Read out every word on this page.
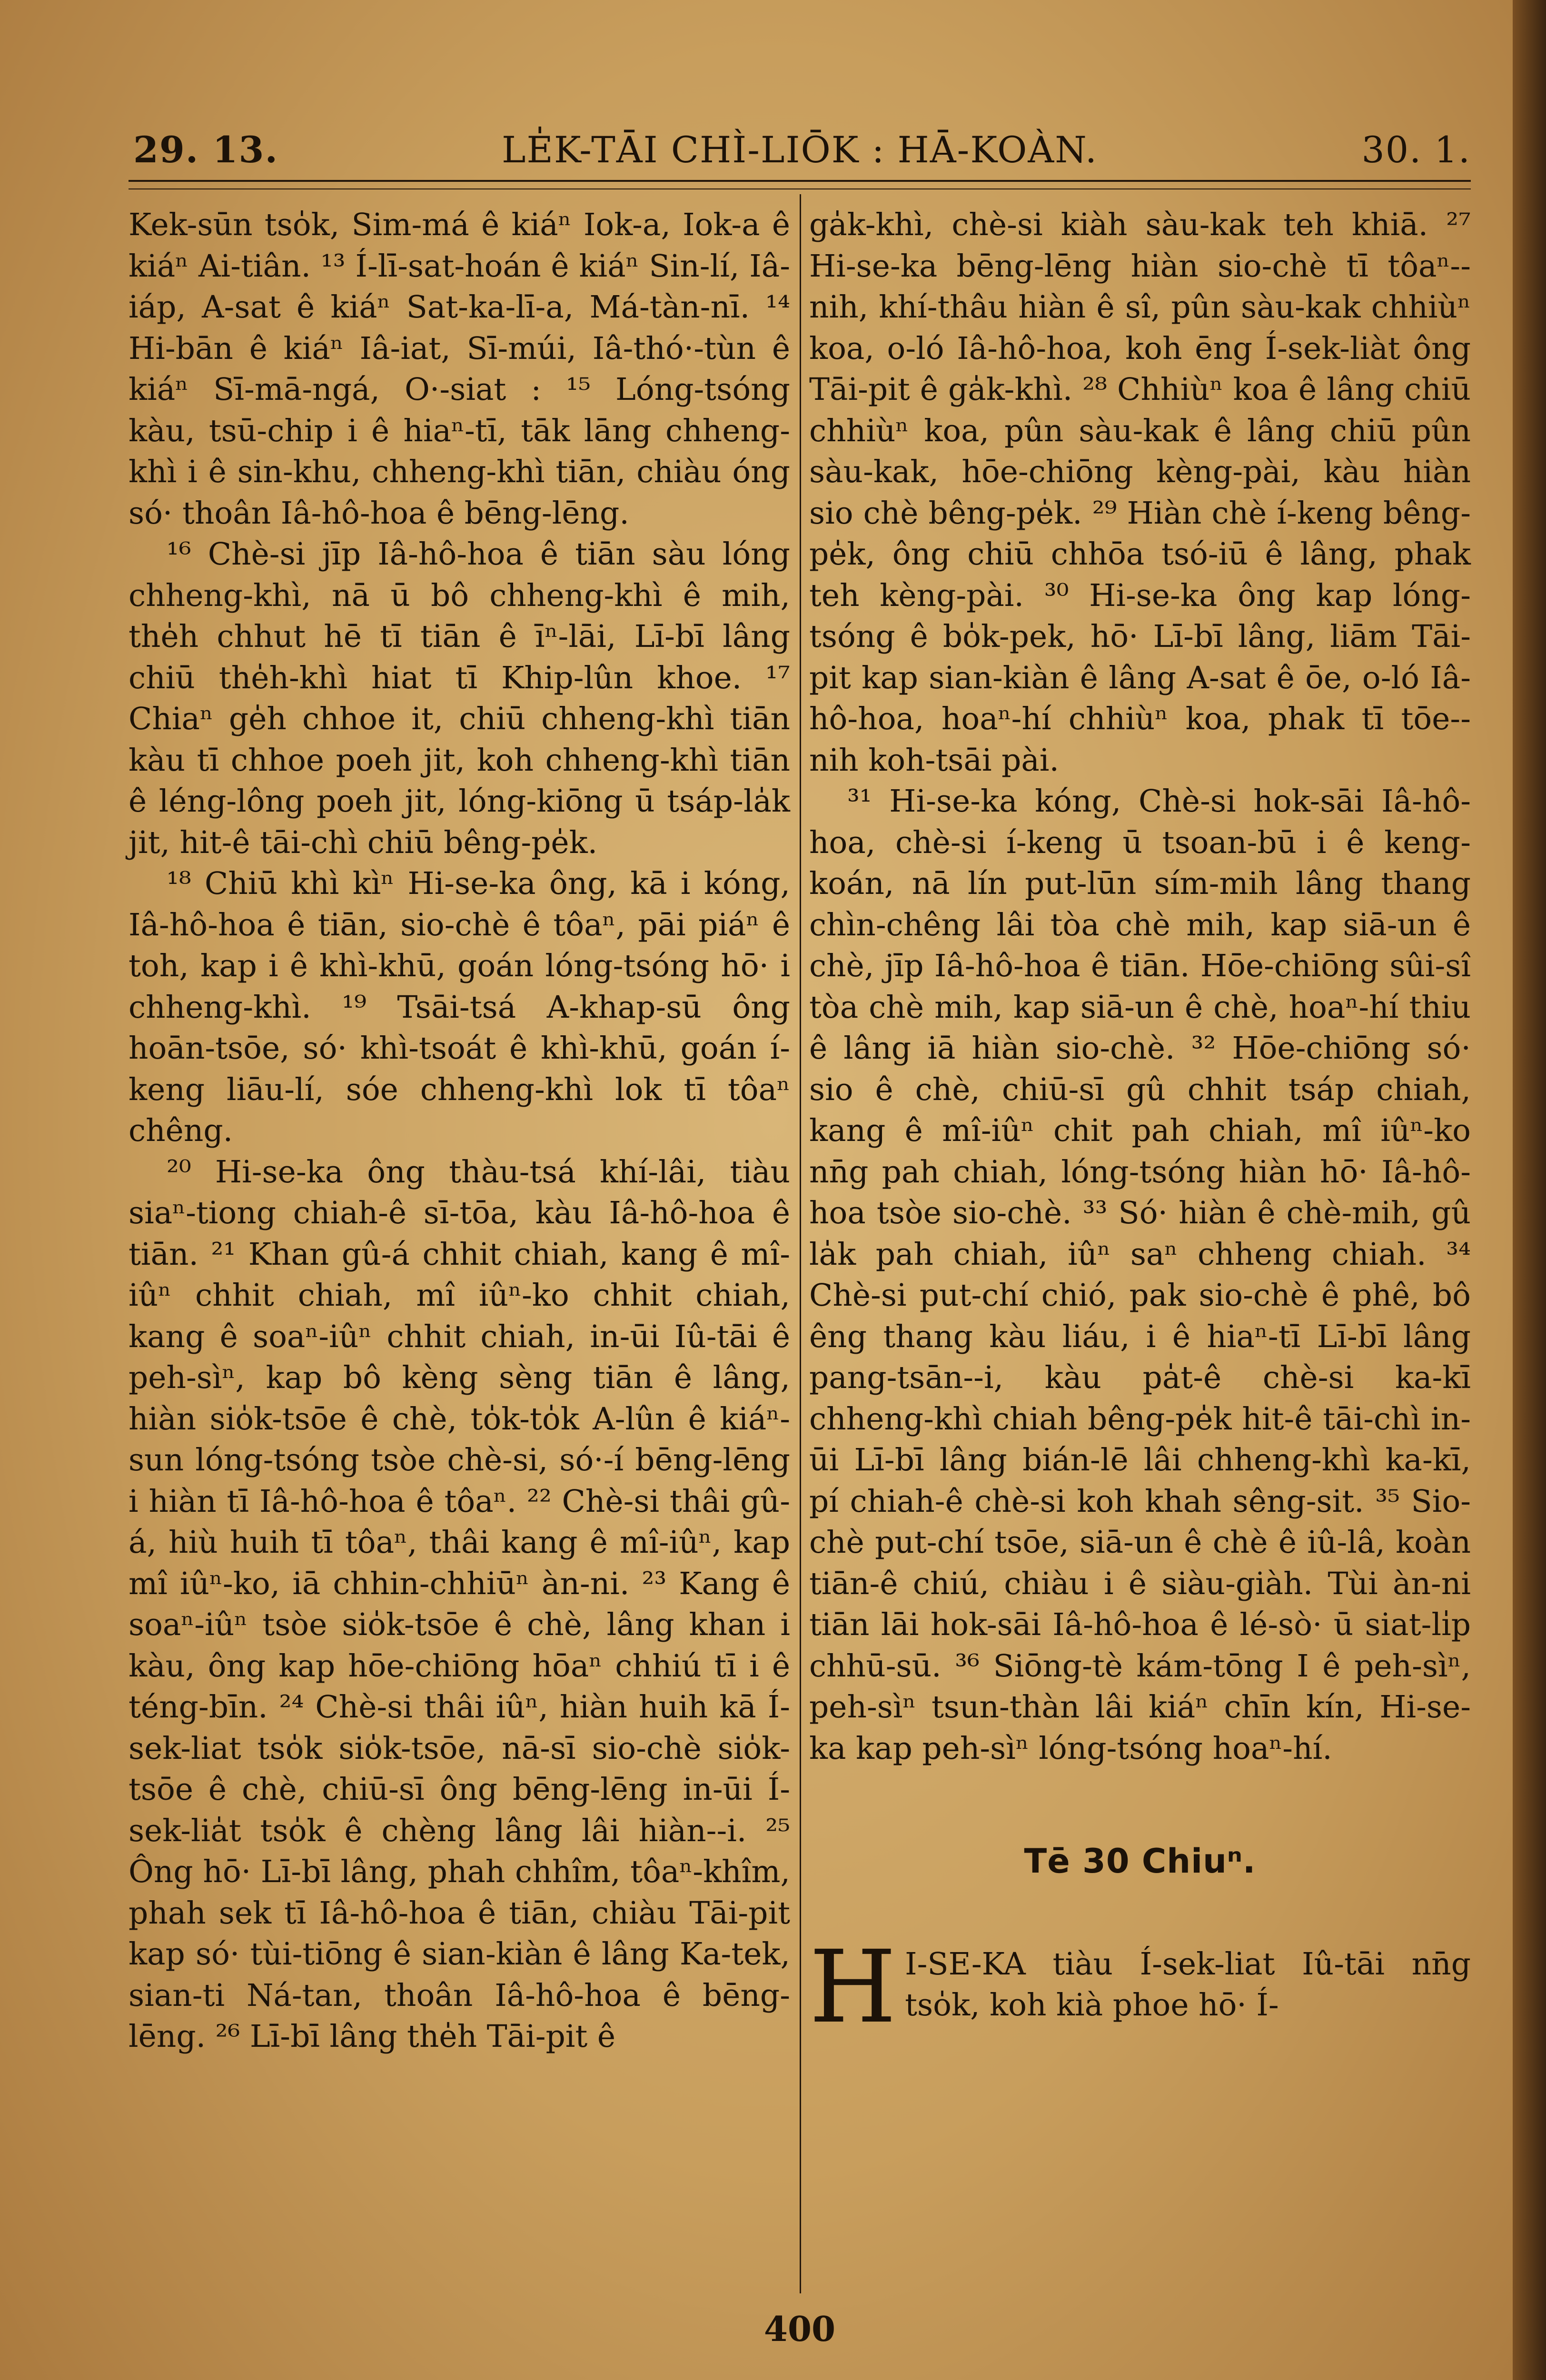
29. 13.	LE̍K-TĀI CHÌ-LIŌK : HĀ-KOÀN.	30. 1.

Kek-sūn tso̍k, Sim-má ê kiáⁿ Iok-a, Iok-a ê kiáⁿ Ai-tiân. ¹³ Í-lī-sat-hoán ê kiáⁿ Sin-lí, Iâ-iáp, A-sat ê kiáⁿ Sat-ka-lī-a, Má-tàn-nī. ¹⁴ Hi-bān ê kiáⁿ Iâ-iat, Sī-múi, Iâ-thó·-tùn ê kiáⁿ Sī-mā-ngá, O·-siat : ¹⁵ Lóng-tsóng kàu, tsū-chip i ê hiaⁿ-tī, tāk lāng chheng-khì i ê sin-khu, chheng-khì tiān, chiàu óng só· thoân Iâ-hô-hoa ê bēng-lēng.

¹⁶ Chè-si jīp Iâ-hô-hoa ê tiān sàu lóng chheng-khì, nā ū bô chheng-khì ê mih, the̍h chhut hē tī tiān ê īⁿ-lāi, Lī-bī lâng chiū the̍h-khì hiat tī Khip-lûn khoe. ¹⁷ Chiaⁿ ge̍h chhoe it, chiū chheng-khì tiān kàu tī chhoe poeh jit, koh chheng-khì tiān ê léng-lông poeh jit, lóng-kiōng ū tsáp-la̍k jit, hit-ê tāi-chì chiū bêng-pe̍k.

¹⁸ Chiū khì kìⁿ Hi-se-ka ông, kā i kóng, Iâ-hô-hoa ê tiān, sio-chè ê tôaⁿ, pāi piáⁿ ê toh, kap i ê khì-khū, goán lóng-tsóng hō· i chheng-khì. ¹⁹ Tsāi-tsá A-khap-sū ông hoān-tsōe, só· khì-tsoát ê khì-khū, goán í-keng liāu-lí, sóe chheng-khì lok tī tôaⁿ chêng.

²⁰ Hi-se-ka ông thàu-tsá khí-lâi, tiàu siaⁿ-tiong chiah-ê sī-tōa, kàu Iâ-hô-hoa ê tiān. ²¹ Khan gû-á chhit chiah, kang ê mî-iûⁿ chhit chiah, mî iûⁿ-ko chhit chiah, kang ê soaⁿ-iûⁿ chhit chiah, in-ūi Iû-tāi ê peh-sìⁿ, kap bô kèng sèng tiān ê lâng, hiàn sio̍k-tsōe ê chè, to̍k-to̍k A-lûn ê kiáⁿ-sun lóng-tsóng tsòe chè-si, só·-í bēng-lēng i hiàn tī Iâ-hô-hoa ê tôaⁿ. ²² Chè-si thâi gû-á, hiù huih tī tôaⁿ, thâi kang ê mî-iûⁿ, kap mî iûⁿ-ko, iā chhin-chhiūⁿ àn-ni. ²³ Kang ê soaⁿ-iûⁿ tsòe sio̍k-tsōe ê chè, lâng khan i kàu, ông kap hōe-chiōng hōaⁿ chhiú tī i ê téng-bīn. ²⁴ Chè-si thâi iûⁿ, hiàn huih kā Í-sek-liat tso̍k sio̍k-tsōe, nā-sī sio-chè sio̍k-tsōe ê chè, chiū-sī ông bēng-lēng in-ūi Í-sek-lia̍t tso̍k ê chèng lâng lâi hiàn--i. ²⁵ Ông hō· Lī-bī lâng, phah chhîm, tôaⁿ-khîm, phah sek tī Iâ-hô-hoa ê tiān, chiàu Tāi-pit kap só· tùi-tiōng ê sian-kiàn ê lâng Ka-tek, sian-ti Ná-tan, thoân Iâ-hô-hoa ê bēng-lēng. ²⁶ Lī-bī lâng the̍h Tāi-pit ê

ga̍k-khì, chè-si kiàh sàu-kak teh khiā. ²⁷ Hi-se-ka bēng-lēng hiàn sio-chè tī tôaⁿ--nih, khí-thâu hiàn ê sî, pûn sàu-kak chhiùⁿ koa, o-ló Iâ-hô-hoa, koh ēng Í-sek-liàt ông Tāi-pit ê ga̍k-khì. ²⁸ Chhiùⁿ koa ê lâng chiū chhiùⁿ koa, pûn sàu-kak ê lâng chiū pûn sàu-kak, hōe-chiōng kèng-pài, kàu hiàn sio chè bêng-pe̍k. ²⁹ Hiàn chè í-keng bêng-pe̍k, ông chiū chhōa tsó-iū ê lâng, phak teh kèng-pài. ³⁰ Hi-se-ka ông kap lóng-tsóng ê bo̍k-pek, hō· Lī-bī lâng, liām Tāi-pit kap sian-kiàn ê lâng A-sat ê ōe, o-ló Iâ-hô-hoa, hoaⁿ-hí chhiùⁿ koa, phak tī tōe--nih koh-tsāi pài.

³¹ Hi-se-ka kóng, Chè-si hok-sāi Iâ-hô-hoa, chè-si í-keng ū tsoan-bū i ê keng-koán, nā lín put-lūn sím-mih lâng thang chìn-chêng lâi tòa chè mih, kap siā-un ê chè, jīp Iâ-hô-hoa ê tiān. Hōe-chiōng sûi-sî tòa chè mih, kap siā-un ê chè, hoaⁿ-hí thiu ê lâng iā hiàn sio-chè. ³² Hōe-chiōng só· sio ê chè, chiū-sī gû chhit tsáp chiah, kang ê mî-iûⁿ chit pah chiah, mî iûⁿ-ko nn̄g pah chiah, lóng-tsóng hiàn hō· Iâ-hô-hoa tsòe sio-chè. ³³ Só· hiàn ê chè-mih, gû la̍k pah chiah, iûⁿ saⁿ chheng chiah. ³⁴ Chè-si put-chí chió, pak sio-chè ê phê, bô êng thang kàu liáu, i ê hiaⁿ-tī Lī-bī lâng pang-tsān--i, kàu pa̍t-ê chè-si ka-kī chheng-khì chiah bêng-pe̍k hit-ê tāi-chì in-ūi Lī-bī lâng bián-lē lâi chheng-khì ka-kī, pí chiah-ê chè-si koh khah sêng-sit. ³⁵ Sio-chè put-chí tsōe, siā-un ê chè ê iû-lâ, koàn tiān-ê chiú, chiàu i ê siàu-giàh. Tùi àn-ni tiān lāi hok-sāi Iâ-hô-hoa ê lé-sò· ū siat-li̍p chhū-sū. ³⁶ Siōng-tè kám-tōng I ê peh-sìⁿ, peh-sìⁿ tsun-thàn lâi kiáⁿ chīn kín, Hi-se-ka kap peh-sìⁿ lóng-tsóng hoaⁿ-hí.

Tē 30 Chiuⁿ.

H I-SE-KA tiàu Í-sek-liat Iû-tāi nn̄g tso̍k, koh kià phoe hō· Í-

400
